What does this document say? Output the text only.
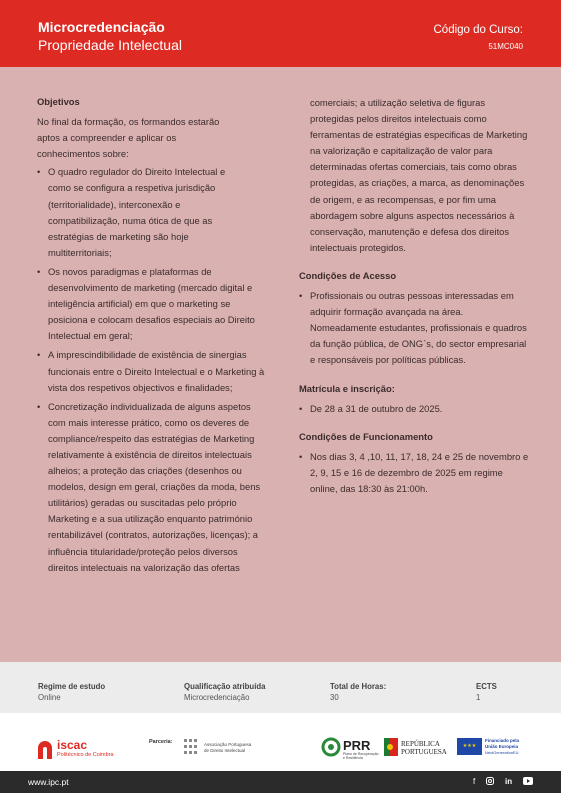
Microcredenciação
Propriedade Intelectual
Código do Curso:
51MC040
Objetivos
No final da formação, os formandos estarão aptos a compreender e aplicar os conhecimentos sobre:
• O quadro regulador do Direito Intelectual e como se configura a respetiva jurisdição (territorialidade), interconexão e compatibilização, numa ótica de que as estratégias de marketing são hoje multiterritoriais;
• Os novos paradigmas e plataformas de desenvolvimento de marketing (mercado digital e inteligência artificial) em que o marketing se posiciona e colocam desafios especiais ao Direito Intelectual em geral;
• A imprescindibilidade de existência de sinergias funcionais entre o Direito Intelectual e o Marketing à vista dos respetivos objectivos e finalidades;
• Concretização individualizada de alguns aspetos com mais interesse prático, como os deveres de compliance/respeito das estratégias de Marketing relativamente à existência de direitos intelectuais alheios; a proteção das criações (desenhos ou modelos, design em geral, criações da moda, bens utilitários) geradas ou suscitadas pelo próprio Marketing e a sua utilização enquanto património rentabilizável (contratos, autorizações, licenças); a influência titularidade/proteção pelos diversos direitos intelectuais na valorização das ofertas
comerciais; a utilização seletiva de figuras protegidas pelos direitos intelectuais como ferramentas de estratégias especificas de Marketing na valorização e capitalização de valor para determinadas ofertas comerciais, tais como obras protegidas, as criações, a marca, as denominações de origem, e as recompensas, e por fim uma abordagem sobre alguns aspectos necessários à conservação, manutenção e defesa dos direitos intelectuais protegidos.
Condições de Acesso
• Profissionais ou outras pessoas interessadas em adquirir formação avançada na área. Nomeadamente estudantes, profissionais e quadros da função pública, de ONG`s, do sector empresarial e responsáveis por políticas públicas.
Matrícula e inscrição:
• De 28 a 31 de outubro de 2025.
Condições de Funcionamento
• Nos dias 3, 4 ,10, 11, 17, 18, 24 e 25 de novembro e 2, 9, 15 e 16 de dezembro de 2025 em regime online, das 18:30 às 21:00h.
Regime de estudo
Online
Qualificação atribuída
Microcredenciação
Total de Horas:
30
ECTS
1
iscac
Politécnico de Coimbra
Parceria:	Associação Portuguesa
de Direito Intelectual	PRR
Plano de Recuperação
e Resiliência
REPÚBLICA
PORTUGUESA
★★★
Financiado pela
União Europeia
NextGenerationEU
www.ipc.pt	f	in
